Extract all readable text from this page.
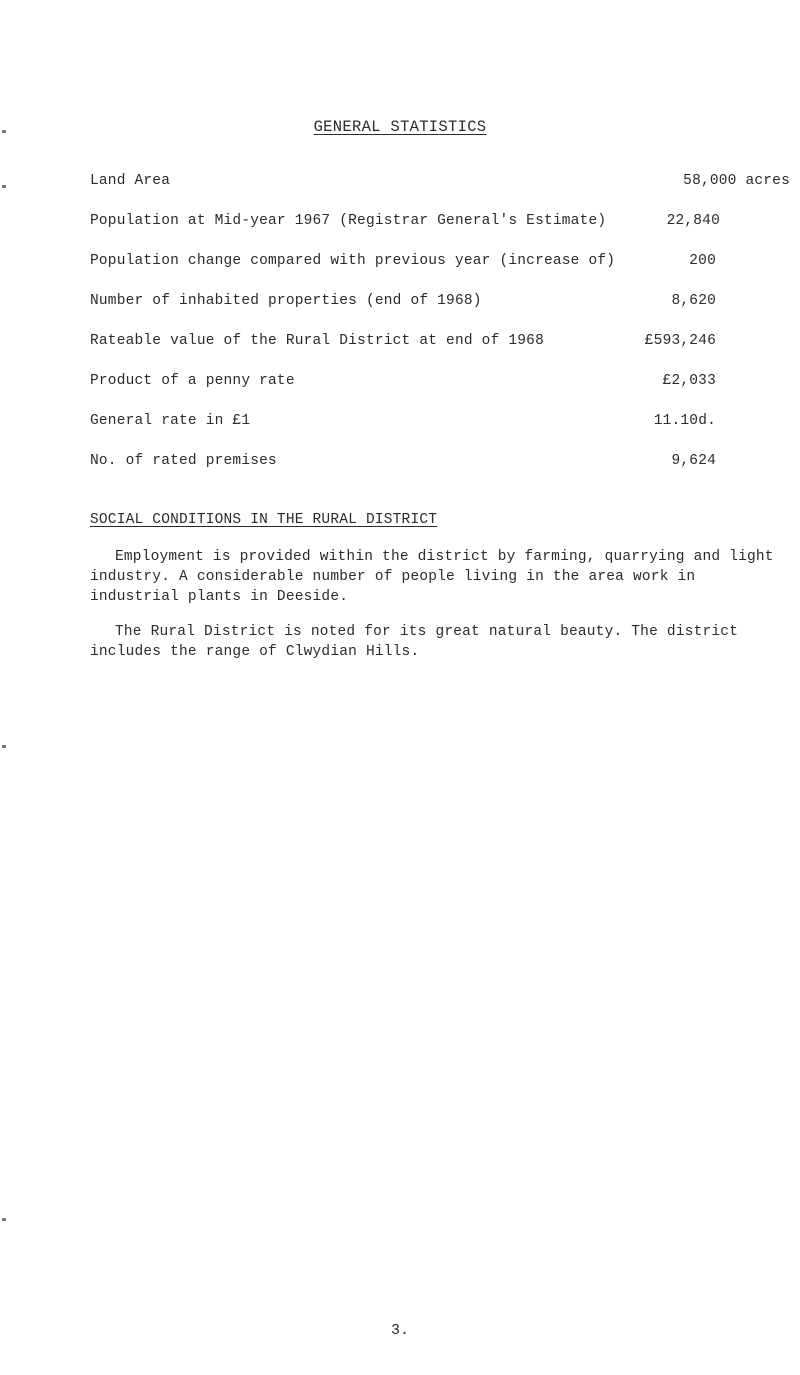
GENERAL STATISTICS
Land Area	58,000 acres
Population at Mid-year 1967 (Registrar General's Estimate)	22,840
Population change compared with previous year (increase of)	200
Number of inhabited properties (end of 1968)	8,620
Rateable value of the Rural District at end of 1968	£593,246
Product of a penny rate	£2,033
General rate in £1	11.10d.
No. of rated premises	9,624
SOCIAL CONDITIONS IN THE RURAL DISTRICT

Employment is provided within the district by farming, quarrying and light industry. A considerable number of people living in the area work in industrial plants in Deeside.

The Rural District is noted for its great natural beauty. The district includes the range of Clwydian Hills.

3.
